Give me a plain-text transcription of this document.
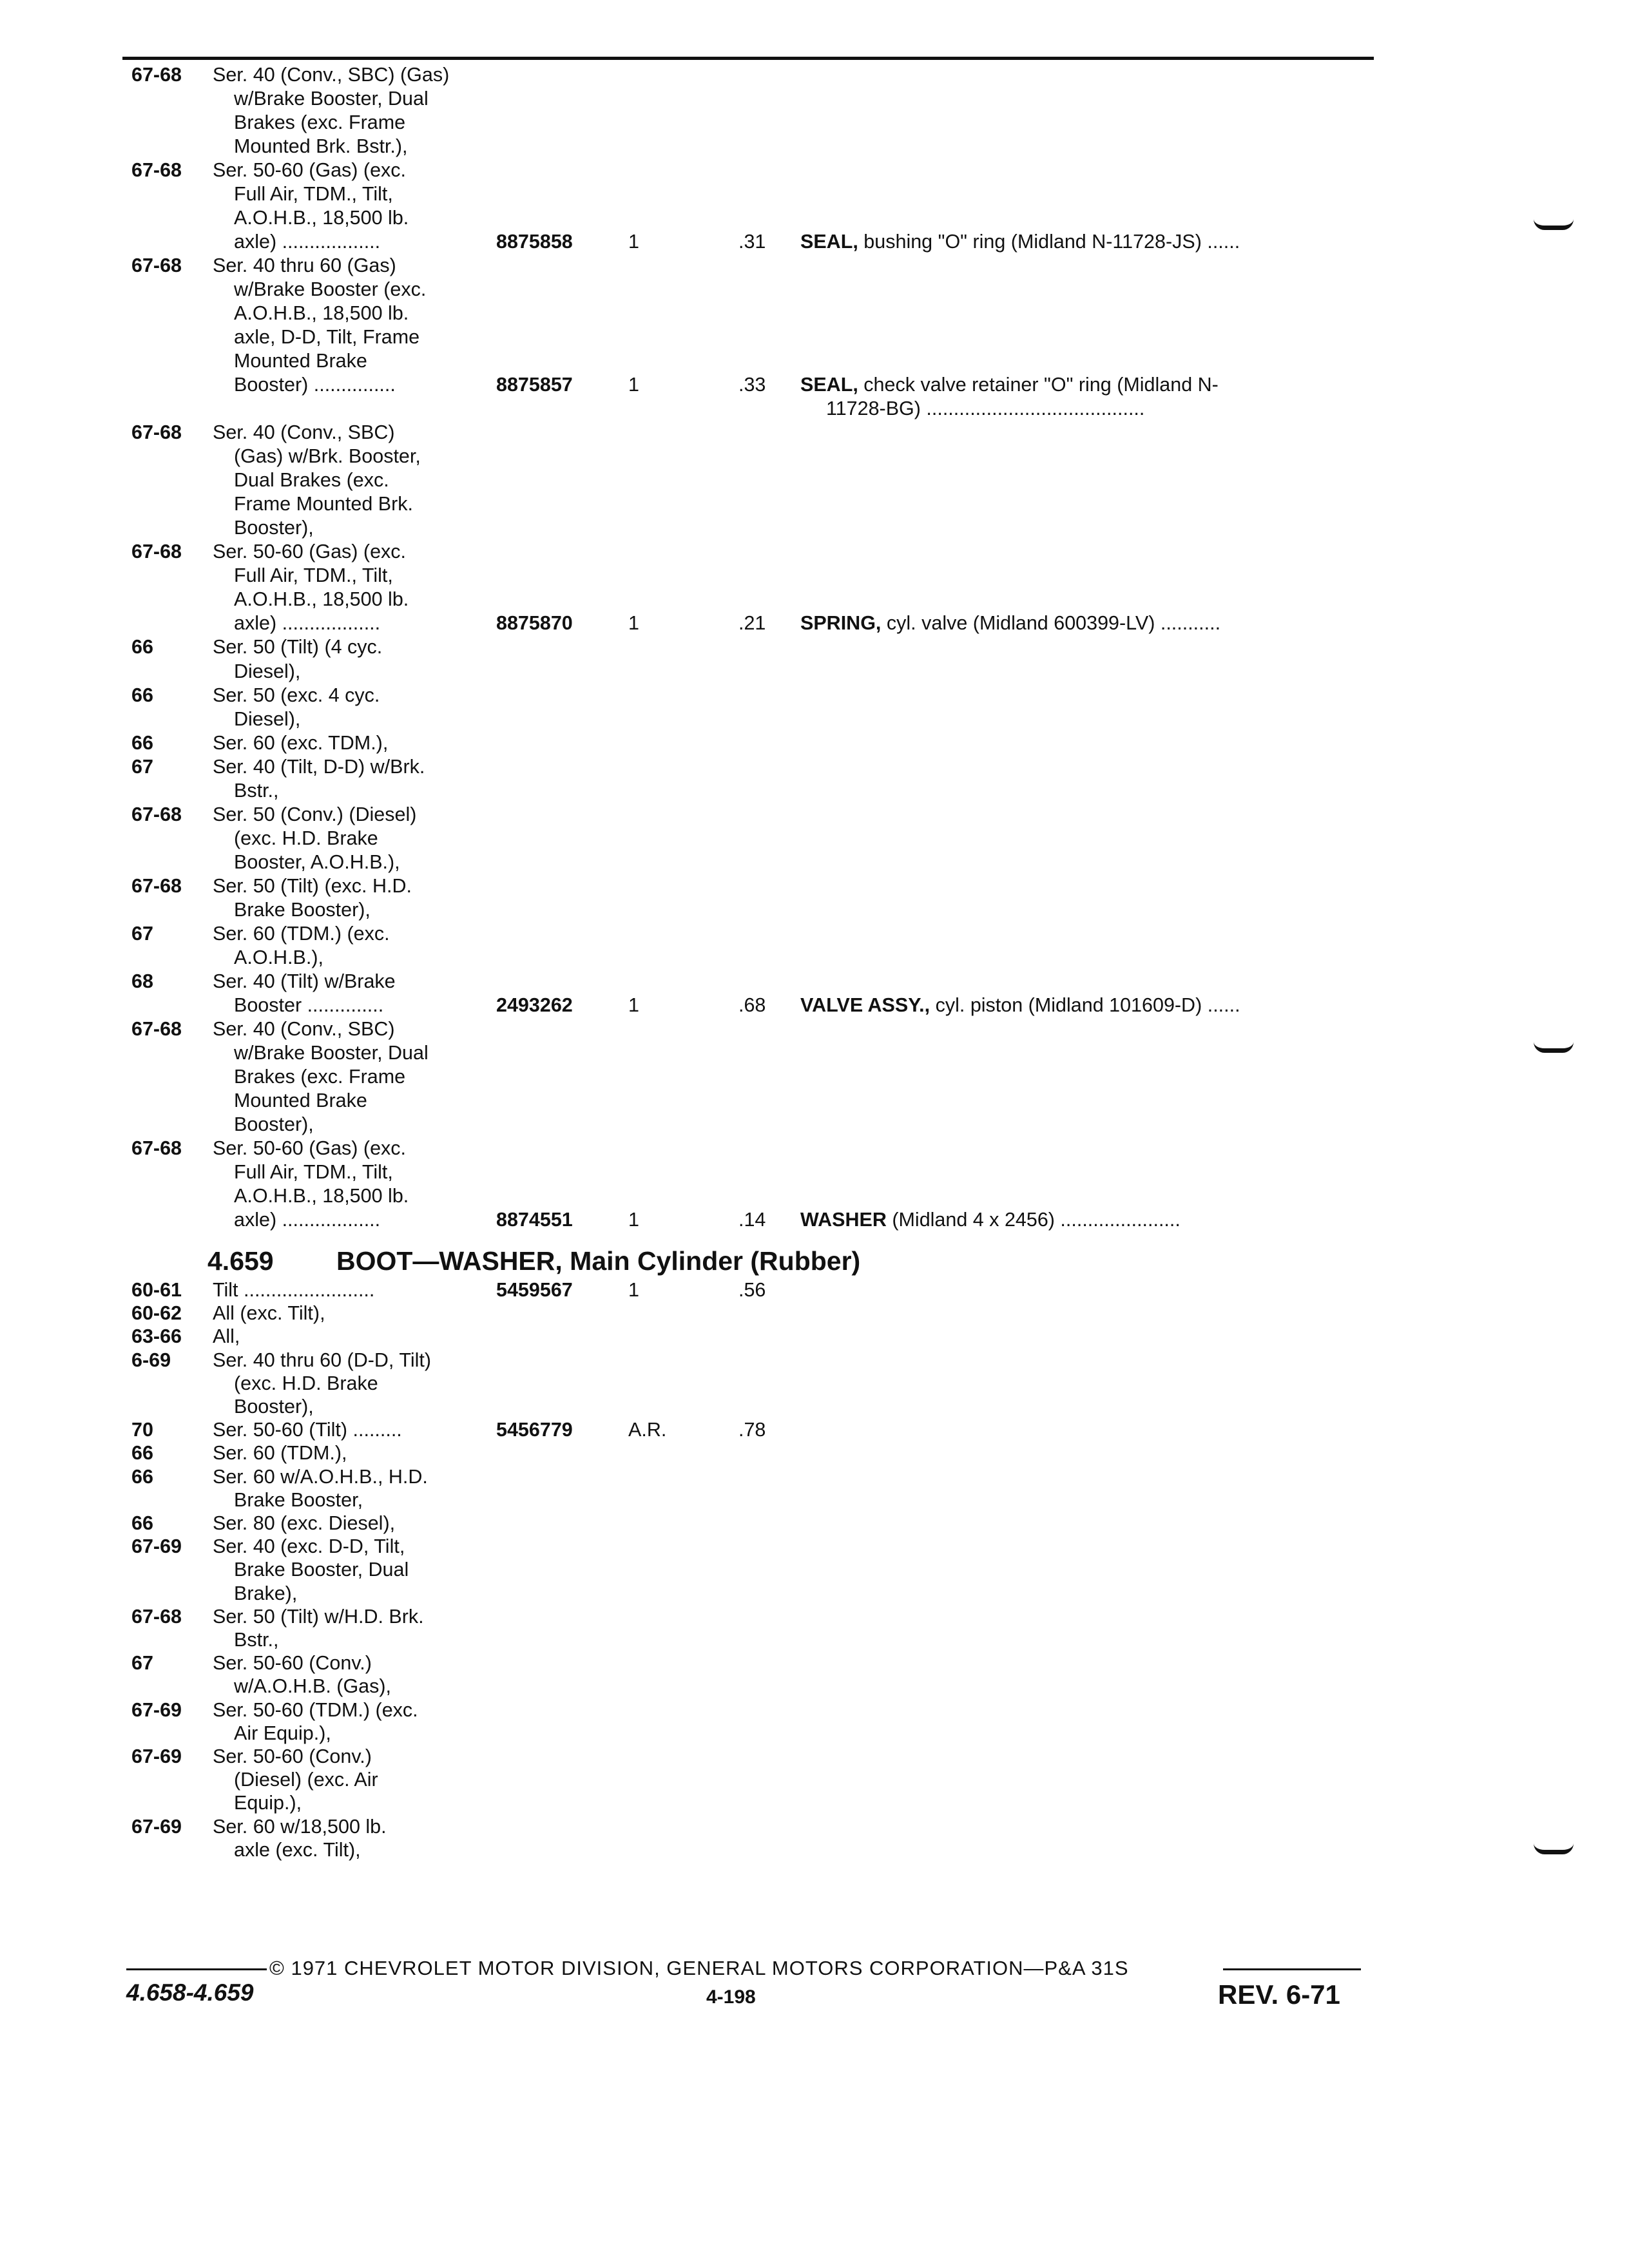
67-68 Ser. 40 (Conv., SBC) (Gas)
w/Brake Booster, Dual
Brakes (exc. Frame
Mounted Brk. Bstr.),
67-68 Ser. 50-60 (Gas) (exc.
Full Air, TDM., Tilt,
A.O.H.B., 18,500 lb.
axle) ..................	8875858	1	.31 SEAL, bushing "O" ring (Midland N-11728-JS) ......
67-68 Ser. 40 thru 60 (Gas)
w/Brake Booster (exc.
A.O.H.B., 18,500 lb.
axle, D-D, Tilt, Frame
Mounted Brake
Booster) ...............	8875857	1	.33 SEAL, check valve retainer "O" ring (Midland N-
11728-BG) ........................................
67-68 Ser. 40 (Conv., SBC)
(Gas) w/Brk. Booster,
Dual Brakes (exc.
Frame Mounted Brk.
Booster),
67-68 Ser. 50-60 (Gas) (exc.
Full Air, TDM., Tilt,
A.O.H.B., 18,500 lb.
axle) ..................	8875870	1	.21 SPRING, cyl. valve (Midland 600399-LV) ...........
66	Ser. 50 (Tilt) (4 cyc.
Diesel),
66	Ser. 50 (exc. 4 cyc.
Diesel),
66	Ser. 60 (exc. TDM.),
67	Ser. 40 (Tilt, D-D) w/Brk.
Bstr.,
67-68 Ser. 50 (Conv.) (Diesel)
(exc. H.D. Brake
Booster, A.O.H.B.),
67-68 Ser. 50 (Tilt) (exc. H.D.
Brake Booster),
67	Ser. 60 (TDM.) (exc.
A.O.H.B.),
68	Ser. 40 (Tilt) w/Brake
Booster ..............	2493262	1	.68 VALVE ASSY., cyl. piston (Midland 101609-D) ......
67-68 Ser. 40 (Conv., SBC)
w/Brake Booster, Dual
Brakes (exc. Frame
Mounted Brake
Booster),
67-68 Ser. 50-60 (Gas) (exc.
Full Air, TDM., Tilt,
A.O.H.B., 18,500 lb.
axle) ..................	8874551	1	.14 WASHER (Midland 4 x 2456) ......................
4.659 BOOT—WASHER, Main Cylinder (Rubber)
60-61 Tilt ........................	5459567	1	.56
60-62 All (exc. Tilt),
63-66 All,
6-69 Ser. 40 thru 60 (D-D, Tilt)
(exc. H.D. Brake
Booster),
70	Ser. 50-60 (Tilt) .........	5456779	A.R.	.78
66	Ser. 60 (TDM.),
66	Ser. 60 w/A.O.H.B., H.D.
Brake Booster,
66	Ser. 80 (exc. Diesel),
67-69 Ser. 40 (exc. D-D, Tilt,
Brake Booster, Dual
Brake),
67-68 Ser. 50 (Tilt) w/H.D. Brk.
Bstr.,
67	Ser. 50-60 (Conv.)
w/A.O.H.B. (Gas),
67-69 Ser. 50-60 (TDM.) (exc.
Air Equip.),
67-69 Ser. 50-60 (Conv.)
(Diesel) (exc. Air
Equip.),
67-69 Ser. 60 w/18,500 lb.
axle (exc. Tilt),
© 1971 CHEVROLET MOTOR DIVISION, GENERAL MOTORS CORPORATION—P&A 31S
4.658-4.659	4-198	REV. 6-71
